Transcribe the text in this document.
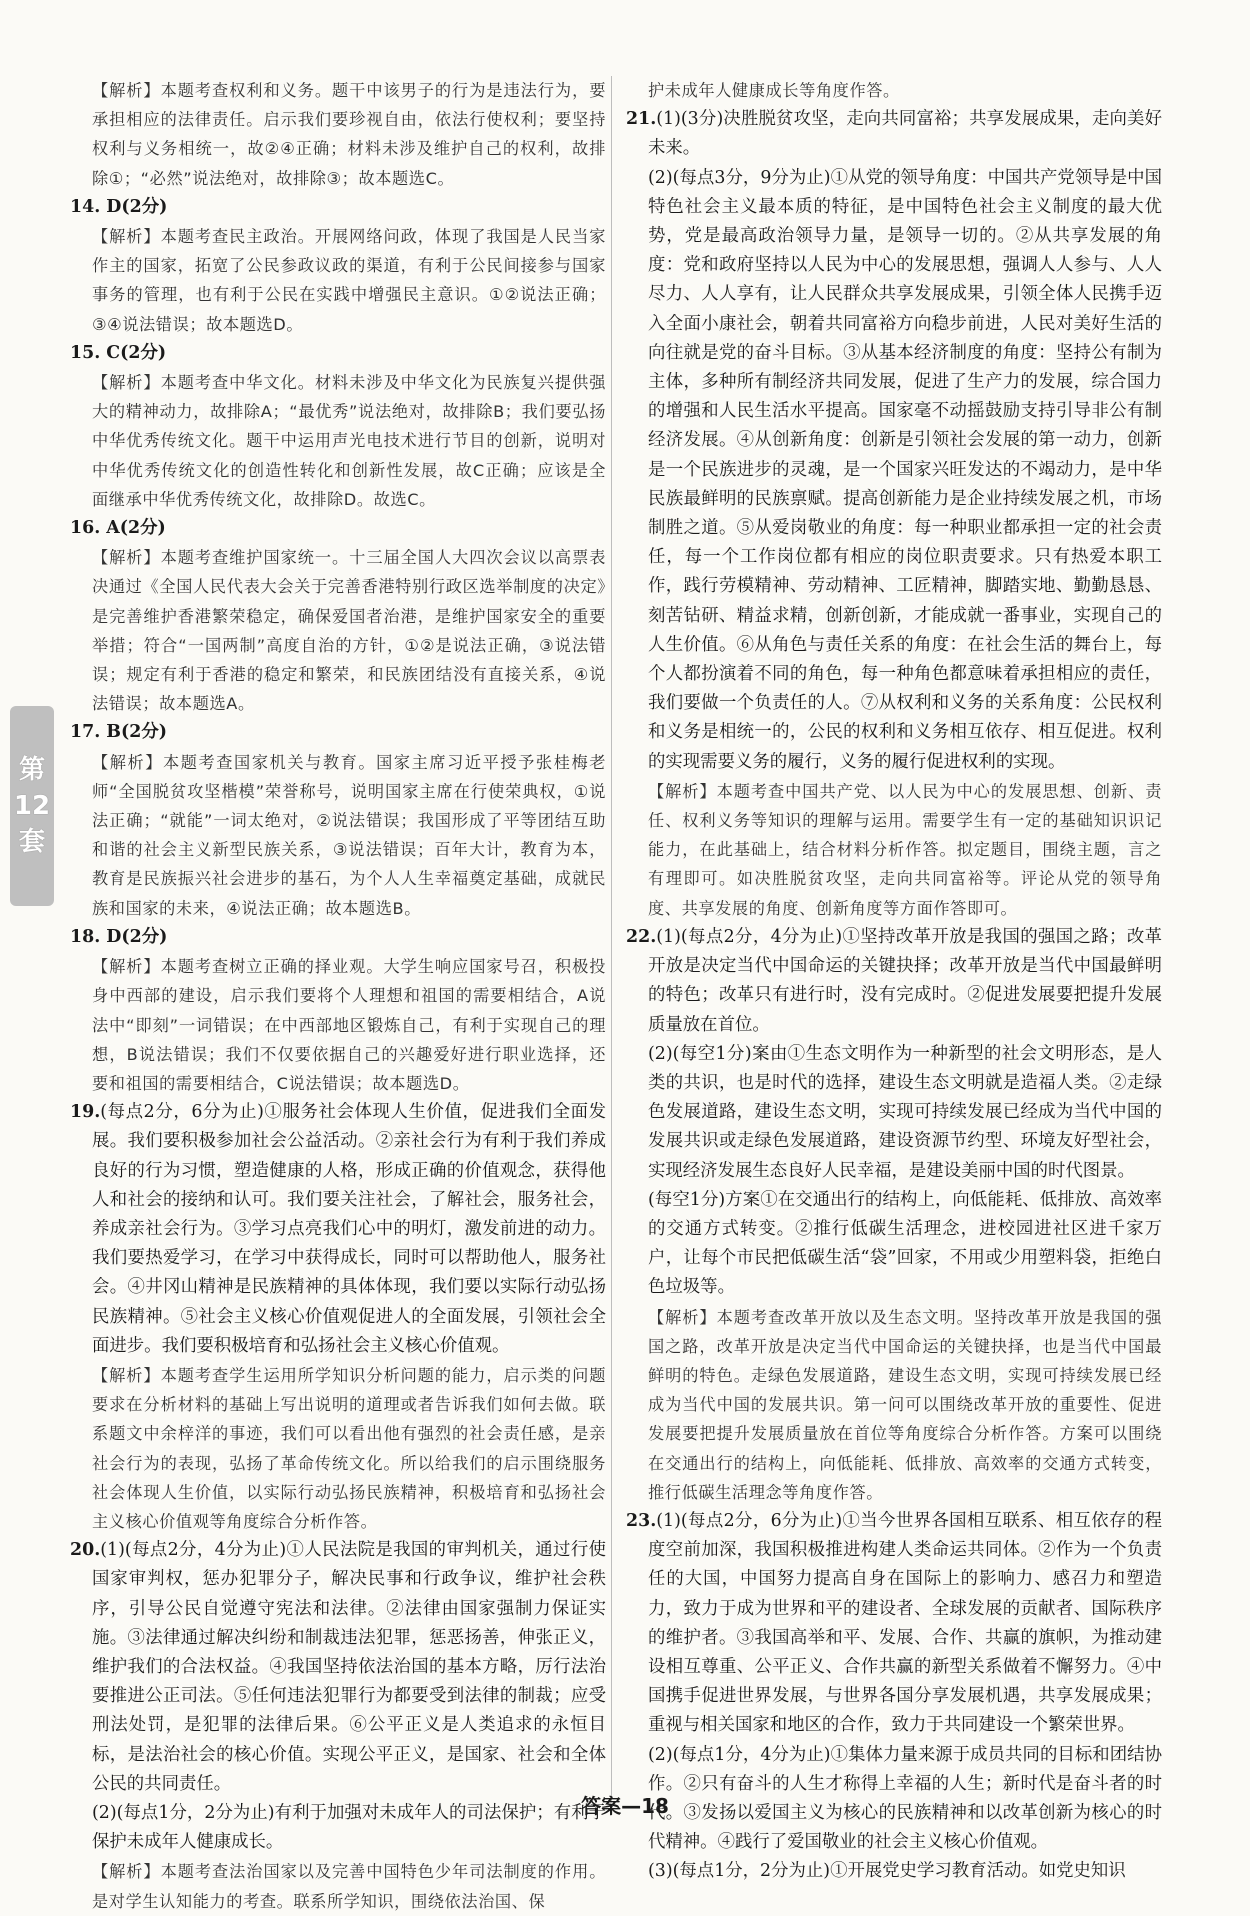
第
12
套

【解析】本题考查权利和义务。题干中该男子的行为是违法行为，要承担相应的法律责任。启示我们要珍视自由，依法行使权利；要坚持权利与义务相统一，故②④正确；材料未涉及维护自己的权利，故排除①；“必然”说法绝对，故排除③；故本题选C。

14. D(2分)

【解析】本题考查民主政治。开展网络问政，体现了我国是人民当家作主的国家，拓宽了公民参政议政的渠道，有利于公民间接参与国家事务的管理，也有利于公民在实践中增强民主意识。①②说法正确；③④说法错误；故本题选D。

15. C(2分)

【解析】本题考查中华文化。材料未涉及中华文化为民族复兴提供强大的精神动力，故排除A；“最优秀”说法绝对，故排除B；我们要弘扬中华优秀传统文化。题干中运用声光电技术进行节目的创新，说明对中华优秀传统文化的创造性转化和创新性发展，故C正确；应该是全面继承中华优秀传统文化，故排除D。故选C。

16. A(2分)

【解析】本题考查维护国家统一。十三届全国人大四次会议以高票表决通过《全国人民代表大会关于完善香港特别行政区选举制度的决定》是完善维护香港繁荣稳定，确保爱国者治港，是维护国家安全的重要举措；符合“一国两制”高度自治的方针，①②是说法正确，③说法错误；规定有利于香港的稳定和繁荣，和民族团结没有直接关系，④说法错误；故本题选A。

17. B(2分)

【解析】本题考查国家机关与教育。国家主席习近平授予张桂梅老师“全国脱贫攻坚楷模”荣誉称号，说明国家主席在行使荣典权，①说法正确；“就能”一词太绝对，②说法错误；我国形成了平等团结互助和谐的社会主义新型民族关系，③说法错误；百年大计，教育为本，教育是民族振兴社会进步的基石，为个人人生幸福奠定基础，成就民族和国家的未来，④说法正确；故本题选B。

18. D(2分)

【解析】本题考查树立正确的择业观。大学生响应国家号召，积极投身中西部的建设，启示我们要将个人理想和祖国的需要相结合，A说法中“即刻”一词错误；在中西部地区锻炼自己，有利于实现自己的理想，B说法错误；我们不仅要依据自己的兴趣爱好进行职业选择，还要和祖国的需要相结合，C说法错误；故本题选D。

19.(每点2分，6分为止)①服务社会体现人生价值，促进我们全面发展。我们要积极参加社会公益活动。②亲社会行为有利于我们养成良好的行为习惯，塑造健康的人格，形成正确的价值观念，获得他人和社会的接纳和认可。我们要关注社会，了解社会，服务社会，养成亲社会行为。③学习点亮我们心中的明灯，激发前进的动力。我们要热爱学习，在学习中获得成长，同时可以帮助他人，服务社会。④井冈山精神是民族精神的具体体现，我们要以实际行动弘扬民族精神。⑤社会主义核心价值观促进人的全面发展，引领社会全面进步。我们要积极培育和弘扬社会主义核心价值观。

【解析】本题考查学生运用所学知识分析问题的能力，启示类的问题要求在分析材料的基础上写出说明的道理或者告诉我们如何去做。联系题文中余梓洋的事迹，我们可以看出他有强烈的社会责任感，是亲社会行为的表现，弘扬了革命传统文化。所以给我们的启示围绕服务社会体现人生价值，以实际行动弘扬民族精神，积极培育和弘扬社会主义核心价值观等角度综合分析作答。

20.(1)(每点2分，4分为止)①人民法院是我国的审判机关，通过行使国家审判权，惩办犯罪分子，解决民事和行政争议，维护社会秩序，引导公民自觉遵守宪法和法律。②法律由国家强制力保证实施。③法律通过解决纠纷和制裁违法犯罪，惩恶扬善，伸张正义，维护我们的合法权益。④我国坚持依法治国的基本方略，厉行法治要推进公正司法。⑤任何违法犯罪行为都要受到法律的制裁；应受刑法处罚，是犯罪的法律后果。⑥公平正义是人类追求的永恒目标，是法治社会的核心价值。实现公平正义，是国家、社会和全体公民的共同责任。

(2)(每点1分，2分为止)有利于加强对未成年人的司法保护；有利于保护未成年人健康成长。

【解析】本题考查法治国家以及完善中国特色少年司法制度的作用。是对学生认知能力的考查。联系所学知识，围绕依法治国、保

护未成年人健康成长等角度作答。

21.(1)(3分)决胜脱贫攻坚，走向共同富裕；共享发展成果，走向美好未来。

(2)(每点3分，9分为止)①从党的领导角度：中国共产党领导是中国特色社会主义最本质的特征，是中国特色社会主义制度的最大优势，党是最高政治领导力量，是领导一切的。②从共享发展的角度：党和政府坚持以人民为中心的发展思想，强调人人参与、人人尽力、人人享有，让人民群众共享发展成果，引领全体人民携手迈入全面小康社会，朝着共同富裕方向稳步前进，人民对美好生活的向往就是党的奋斗目标。③从基本经济制度的角度：坚持公有制为主体，多种所有制经济共同发展，促进了生产力的发展，综合国力的增强和人民生活水平提高。国家毫不动摇鼓励支持引导非公有制经济发展。④从创新角度：创新是引领社会发展的第一动力，创新是一个民族进步的灵魂，是一个国家兴旺发达的不竭动力，是中华民族最鲜明的民族禀赋。提高创新能力是企业持续发展之机，市场制胜之道。⑤从爱岗敬业的角度：每一种职业都承担一定的社会责任，每一个工作岗位都有相应的岗位职责要求。只有热爱本职工作，践行劳模精神、劳动精神、工匠精神，脚踏实地、勤勤恳恳、刻苦钻研、精益求精，创新创新，才能成就一番事业，实现自己的人生价值。⑥从角色与责任关系的角度：在社会生活的舞台上，每个人都扮演着不同的角色，每一种角色都意味着承担相应的责任，我们要做一个负责任的人。⑦从权利和义务的关系角度：公民权利和义务是相统一的，公民的权利和义务相互依存、相互促进。权利的实现需要义务的履行，义务的履行促进权利的实现。

【解析】本题考查中国共产党、以人民为中心的发展思想、创新、责任、权利义务等知识的理解与运用。需要学生有一定的基础知识识记能力，在此基础上，结合材料分析作答。拟定题目，围绕主题，言之有理即可。如决胜脱贫攻坚，走向共同富裕等。评论从党的领导角度、共享发展的角度、创新角度等方面作答即可。

22.(1)(每点2分，4分为止)①坚持改革开放是我国的强国之路；改革开放是决定当代中国命运的关键抉择；改革开放是当代中国最鲜明的特色；改革只有进行时，没有完成时。②促进发展要把提升发展质量放在首位。

(2)(每空1分)案由①生态文明作为一种新型的社会文明形态，是人类的共识，也是时代的选择，建设生态文明就是造福人类。②走绿色发展道路，建设生态文明，实现可持续发展已经成为当代中国的发展共识或走绿色发展道路，建设资源节约型、环境友好型社会，实现经济发展生态良好人民幸福，是建设美丽中国的时代图景。

(每空1分)方案①在交通出行的结构上，向低能耗、低排放、高效率的交通方式转变。②推行低碳生活理念，进校园进社区进千家万户，让每个市民把低碳生活“袋”回家，不用或少用塑料袋，拒绝白色垃圾等。

【解析】本题考查改革开放以及生态文明。坚持改革开放是我国的强国之路，改革开放是决定当代中国命运的关键抉择，也是当代中国最鲜明的特色。走绿色发展道路，建设生态文明，实现可持续发展已经成为当代中国的发展共识。第一问可以围绕改革开放的重要性、促进发展要把提升发展质量放在首位等角度综合分析作答。方案可以围绕在交通出行的结构上，向低能耗、低排放、高效率的交通方式转变，推行低碳生活理念等角度作答。

23.(1)(每点2分，6分为止)①当今世界各国相互联系、相互依存的程度空前加深，我国积极推进构建人类命运共同体。②作为一个负责任的大国，中国努力提高自身在国际上的影响力、感召力和塑造力，致力于成为世界和平的建设者、全球发展的贡献者、国际秩序的维护者。③我国高举和平、发展、合作、共赢的旗帜，为推动建设相互尊重、公平正义、合作共赢的新型关系做着不懈努力。④中国携手促进世界发展，与世界各国分享发展机遇，共享发展成果；重视与相关国家和地区的合作，致力于共同建设一个繁荣世界。

(2)(每点1分，4分为止)①集体力量来源于成员共同的目标和团结协作。②只有奋斗的人生才称得上幸福的人生；新时代是奋斗者的时代。③发扬以爱国主义为核心的民族精神和以改革创新为核心的时代精神。④践行了爱国敬业的社会主义核心价值观。

(3)(每点1分，2分为止)①开展党史学习教育活动。如党史知识

答案—18
